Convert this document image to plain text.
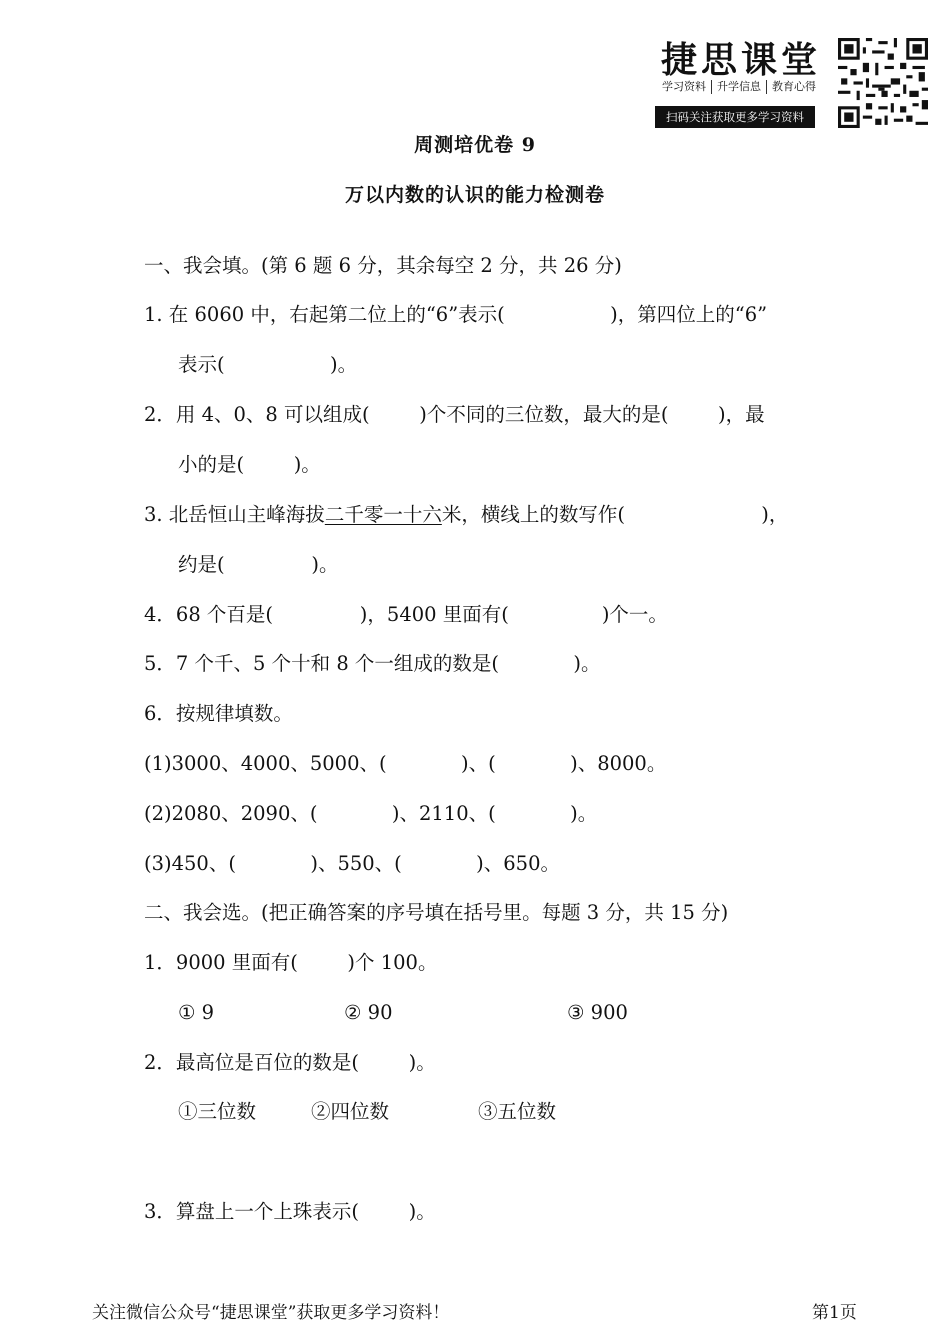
捷思课堂
学习资料	升学信息	教育心得
扫码关注获取更多学习资料
周测培优卷 9
万以内数的认识的能力检测卷
一、我会填。(第 6 题 6 分，其余每空 2 分，共 26 分)
1. 在 6060 中，右起第二位上的“6”表示(                 )，第四位上的“6”
表示(                 )。
2．用 4、0、8 可以组成(        )个不同的三位数，最大的是(        )，最
小的是(        )。
3. 北岳恒山主峰海拔二千零一十六米，横线上的数写作(                      )，
约是(              )。
4．68 个百是(              )，5400 里面有(               )个一。
5．7 个千、5 个十和 8 个一组成的数是(            )。
6．按规律填数。
(1)3000、4000、5000、(            )、(            )、8000。
(2)2080、2090、(            )、2110、(            )。
(3)450、(            )、550、(            )、650。
二、我会选。(把正确答案的序号填在括号里。每题 3 分，共 15 分)
1．9000 里面有(        )个 100。
① 9	② 90	③ 900
2．最高位是百位的数是(        )。
①三位数	②四位数	③五位数
3．算盘上一个上珠表示(        )。
关注微信公众号“捷思课堂”获取更多学习资料！	第1页
